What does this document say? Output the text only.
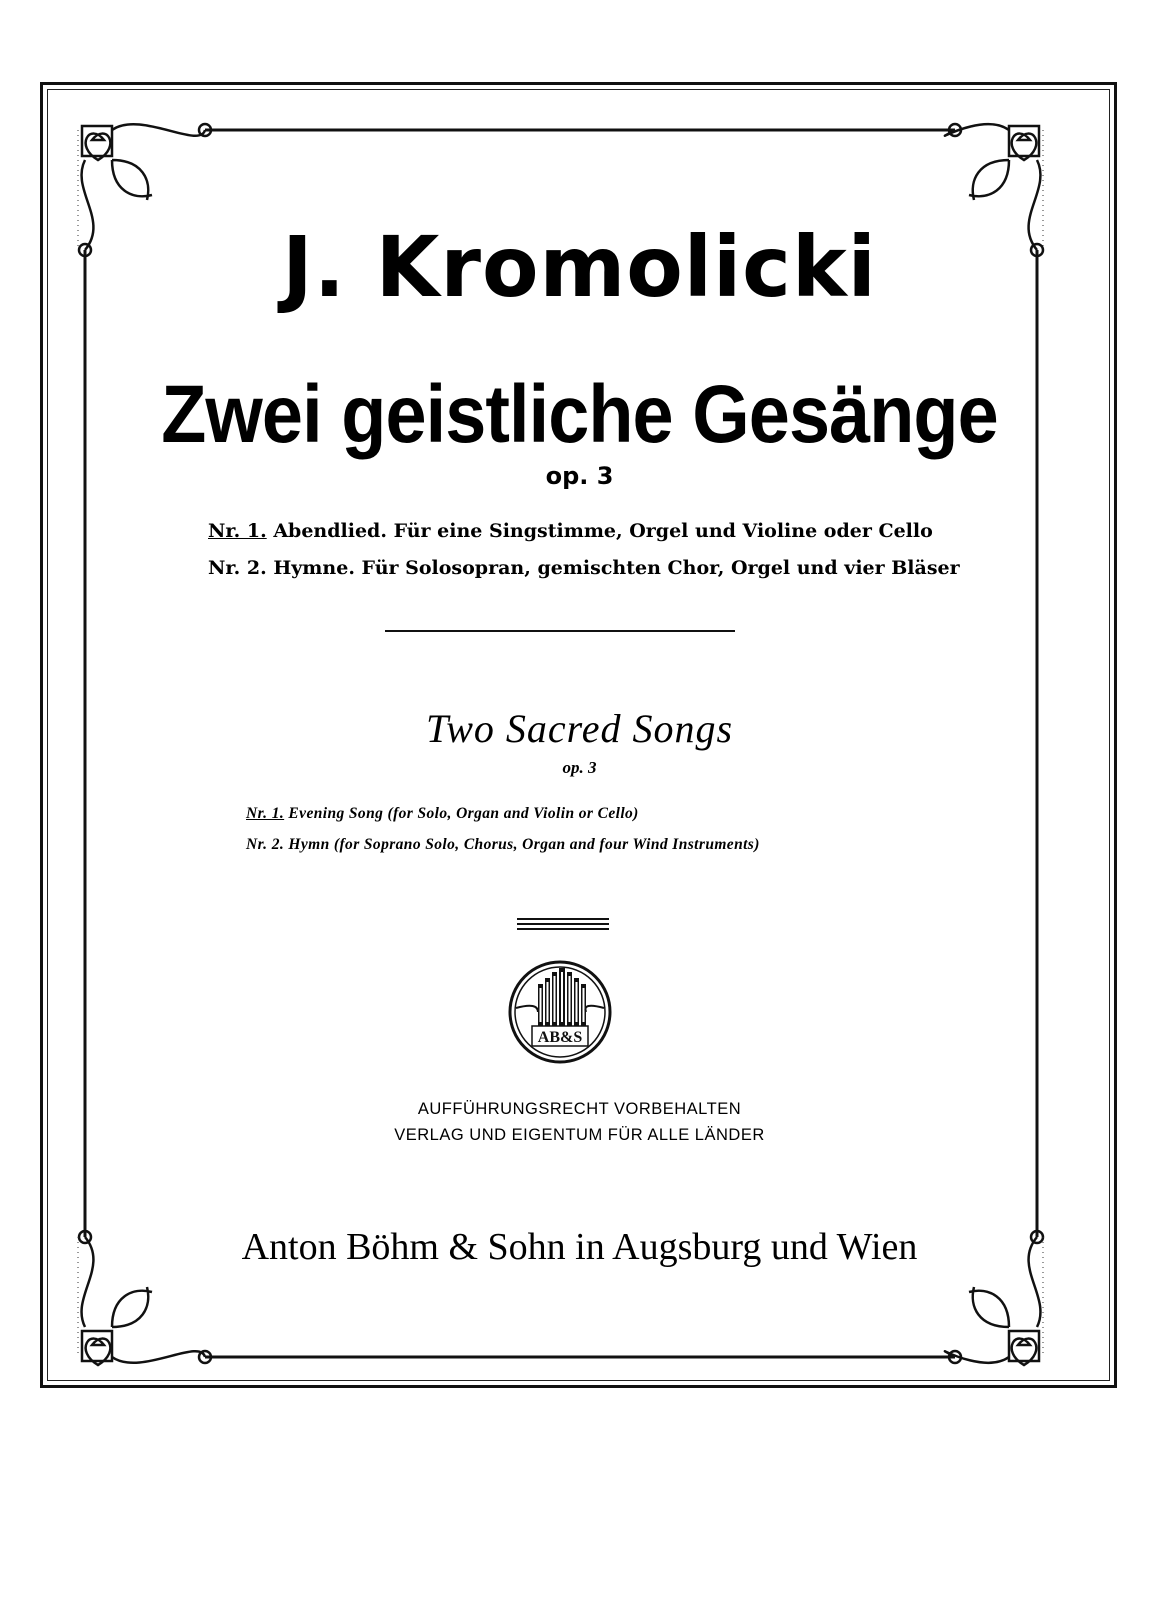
J. Kromolicki
Zwei geistliche Gesänge
op. 3
Nr. 1. Abendlied. Für eine Singstimme, Orgel und Violine oder Cello
Nr. 2. Hymne. Für Solosopran, gemischten Chor, Orgel und vier Bläser
Two Sacred Songs
op. 3
Nr. 1. Evening Song (for Solo, Organ and Violin or Cello)
Nr. 2. Hymn (for Soprano Solo, Chorus, Organ and four Wind Instruments)
AB&S
AUFFÜHRUNGSRECHT VORBEHALTEN
VERLAG UND EIGENTUM FÜR ALLE LÄNDER
Anton Böhm & Sohn in Augsburg und Wien
